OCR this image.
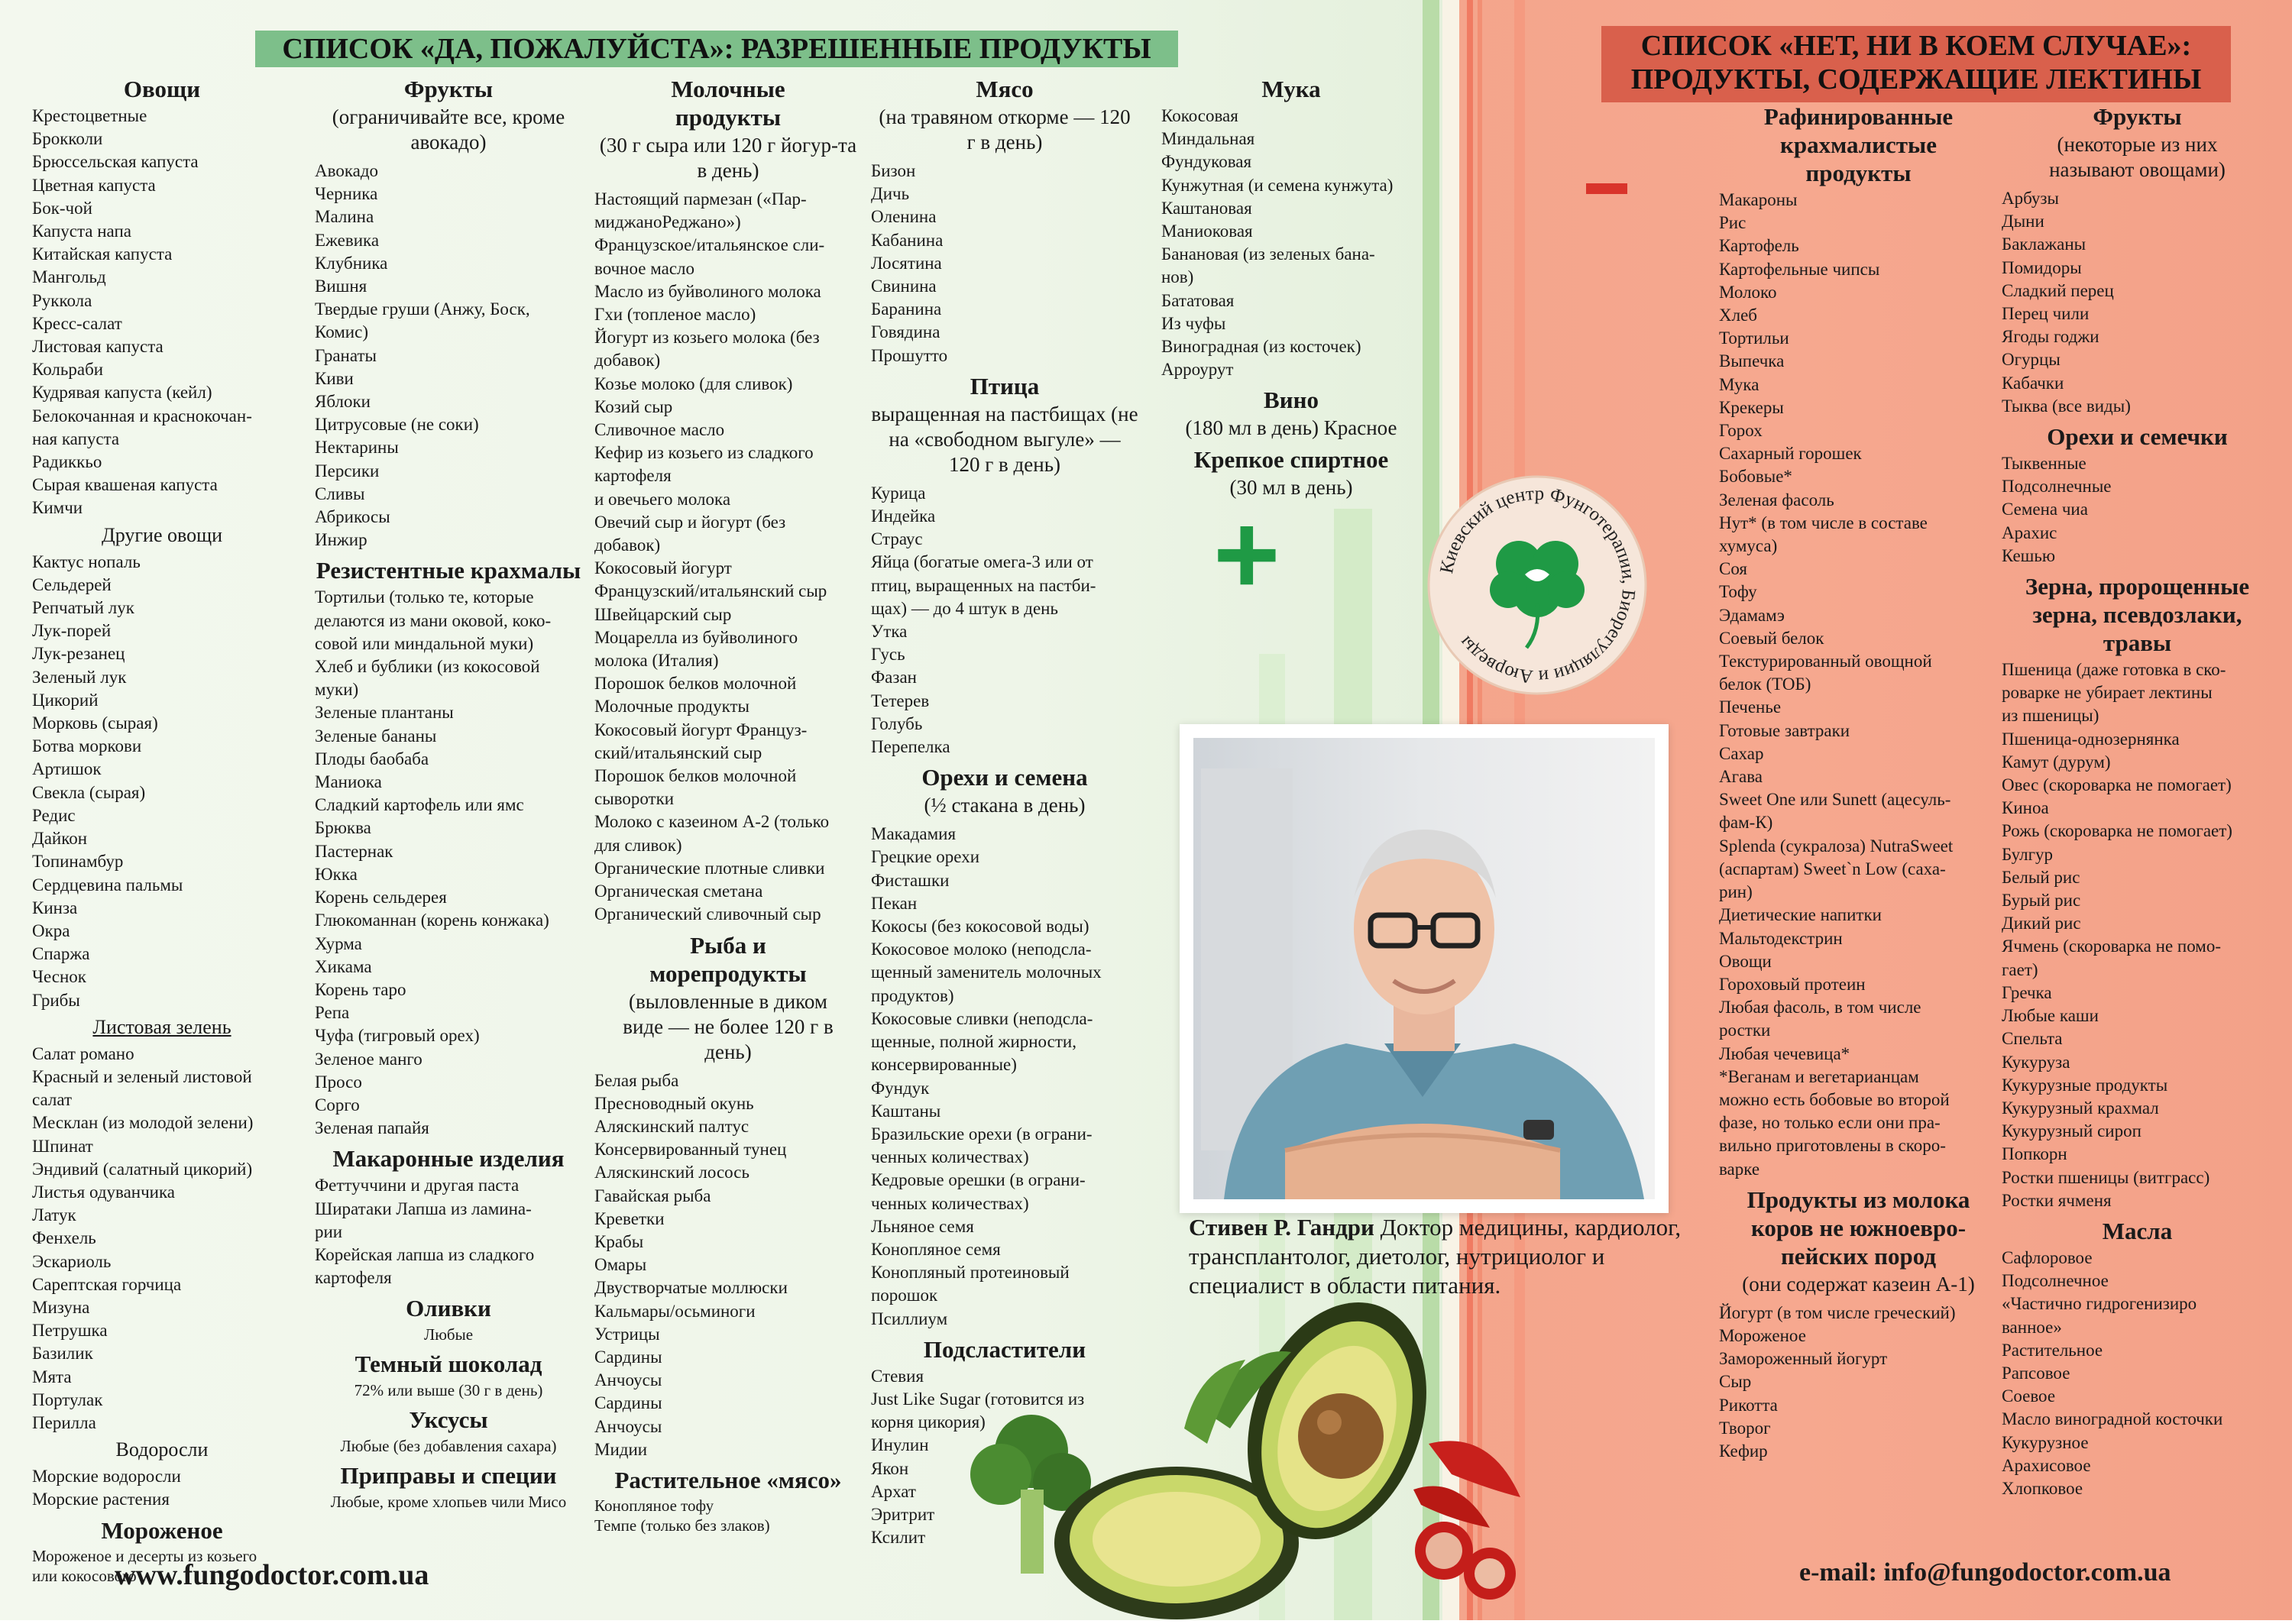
СПИСОК «ДА, ПОЖАЛУЙСТА»: РАЗРЕШЕННЫЕ ПРОДУКТЫ	СПИСОК «НЕТ, НИ В КОЕМ СЛУЧАЕ»:
ПРОДУКТЫ, СОДЕРЖАЩИЕ ЛЕКТИНЫ
Овощи
Крестоцветные
Брокколи
Брюссельская капуста
Цветная капуста
Бок-чой
Капуста напа
Китайская капуста
Мангольд
Руккола
Кресс-салат
Листовая капуста
Кольраби
Кудрявая капуста (кейл)
Белокочанная и краснокочан-
ная капуста
Радиккьо
Сырая квашеная капуста
Кимчи
Другие овощи
Кактус нопаль
Сельдерей
Репчатый лук
Лук-порей
Лук-резанец
Зеленый лук
Цикорий
Морковь (сырая)
Ботва моркови
Артишок
Свекла (сырая)
Редис
Дайкон
Топинамбур
Сердцевина пальмы
Кинза
Окра
Спаржа
Чеснок
Грибы
Листовая зелень
Салат романо
Красный и зеленый листовой
салат
Месклан (из молодой зелени)
Шпинат
Эндивий (салатный цикорий)
Листья одуванчика
Латук
Фенхель
Эскариоль
Сарептская горчица
Мизуна
Петрушка
Базилик
Мята
Портулак
Перилла
Водоросли
Морские водоросли
Морские растения
Мороженое
Мороженое и десерты из козьего
или кокосового
Фрукты
(ограничивайте все, кроме авокадо)
Авокадо
Черника
Малина
Ежевика
Клубника
Вишня
Твердые груши (Анжу, Боск,
Комис)
Гранаты
Киви
Яблоки
Цитрусовые (не соки)
Нектарины
Персики
Сливы
Абрикосы
Инжир
Резистентные крахмалы
Тортильи (только те, которые
делаются из мани оковой, коко-
совой или миндальной муки)
Хлеб и бублики (из кокосовой
муки)
Зеленые плантаны
Зеленые бананы
Плоды баобаба
Маниока
Сладкий картофель или ямс
Брюква
Пастернак
Юкка
Корень сельдерея
Глюкоманнан (корень конжака)
Хурма
Хикама
Корень таро
Репа
Чуфа (тигровый орех)
Зеленое манго
Просо
Сорго
Зеленая папайя
Макаронные изделия
Феттуччини и другая паста
Ширатаки Лапша из ламина-
рии
Корейская лапша из сладкого
картофеля
Оливки
Любые
Темный шоколад
72% или выше (30 г в день)
Уксусы
Любые (без добавления сахара)
Приправы и специи
Любые, кроме хлопьев чили Мисо
Молочные продукты
(30 г сыра или 120 г йогур-та в день)
Настоящий пармезан («Пар-
миджаноРеджано»)
Французское/итальянское сли-
вочное масло
Масло из буйволиного молока
Гхи (топленое масло)
Йогурт из козьего молока (без
добавок)
Козье молоко (для сливок)
Козий сыр
Сливочное масло
Кефир из козьего из сладкого
картофеля
и овечьего молока
Овечий сыр и йогурт (без
добавок)
Кокосовый йогурт
Французский/итальянский сыр
Швейцарский сыр
Моцарелла из буйволиного
молока (Италия)
Порошок белков молочной
Молочные продукты
Кокосовый йогурт Француз-
ский/итальянский сыр
Порошок белков молочной
сыворотки
Молоко с казеином А-2 (только
для сливок)
Органические плотные сливки
Органическая сметана
Органический сливочный сыр
Рыба и морепродукты
(выловленные в диком виде — не более 120 г в день)
Белая рыба
Пресноводный окунь
Аляскинский палтус
Консервированный тунец
Аляскинский лосось
Гавайская рыба
Креветки
Крабы
Омары
Двустворчатые моллюски
Кальмары/осьминоги
Устрицы
Сардины
Анчоусы
Сардины
Анчоусы
Мидии
Растительное «мясо»
Конопляное тофу
Темпе (только без злаков)
Мясо
(на травяном откорме — 120 г в день)
Бизон
Дичь
Оленина
Кабанина
Лосятина
Свинина
Баранина
Говядина
Прошутто
Птица
выращенная на пастбищах (не на «свободном выгуле» — 120 г в день)
Курица
Индейка
Страус
Яйца (богатые омега-3 или от
птиц, выращенных на пастби-
щах) — до 4 штук в день
Утка
Гусь
Фазан
Тетерев
Голубь
Перепелка
Орехи и семена
(½ стакана в день)
Макадамия
Грецкие орехи
Фисташки
Пекан
Кокосы (без кокосовой воды)
Кокосовое молоко (неподсла-
щенный заменитель молочных
продуктов)
Кокосовые сливки (неподсла-
щенные, полной жирности,
консервированные)
Фундук
Каштаны
Бразильские орехи (в ограни-
ченных количествах)
Кедровые орешки (в ограни-
ченных количествах)
Льняное семя
Конопляное семя
Конопляный протеиновый
порошок
Псиллиум
Подсластители
Стевия
Just Like Sugar (готовится из
корня цикория)
Инулин
Якон
Архат
Эритрит
Ксилит
Мука
Кокосовая
Миндальная
Фундуковая
Кунжутная (и семена кунжута)
Каштановая
Маниоковая
Банановая (из зеленых бана-
нов)
Бататовая
Из чуфы
Виноградная (из косточек)
Арроурут
Вино
(180 мл в день) Красное
Крепкое спиртное
(30 мл в день)
+	Киевский центр Фунготерапии, Биорегуляции и Аюрведы
Стивен Р. Гандри Доктор медицины, кардиолог, трансплантолог, диетолог, нутрициолог и специалист в области питания.
Рафинированные крахмалистые продукты
Макароны
Рис
Картофель
Картофельные чипсы
Молоко
Хлеб
Тортильи
Выпечка
Мука
Крекеры
Горох
Сахарный горошек
Бобовые*
Зеленая фасоль
Нут* (в том числе в составе
хумуса)
Соя
Тофу
Эдамамэ
Соевый белок
Текстурированный овощной
белок (ТОБ)
Печенье
Готовые завтраки
Сахар
Агава
Sweet One или Sunett (ацесуль-
фам-К)
Splenda (сукралоза) NutraSweet
(аспартам) Sweet`n Low (саха-
рин)
Диетические напитки
Мальтодекстрин
Овощи
Гороховый протеин
Любая фасоль, в том числе
ростки
Любая чечевица*
*Веганам и вегетарианцам
можно есть бобовые во второй
фазе, но только если они пра-
вильно приготовлены в скоро-
варке
Продукты из молока коров не южноевро-пейских пород
(они содержат казеин А-1)
Йогурт (в том числе греческий)
Мороженое
Замороженный йогурт
Сыр
Рикотта
Творог
Кефир
Фрукты
(некоторые из них называют овощами)
Арбузы
Дыни
Баклажаны
Помидоры
Сладкий перец
Перец чили
Ягоды годжи
Огурцы
Кабачки
Тыква (все виды)
Орехи и семечки
Тыквенные
Подсолнечные
Семена чиа
Арахис
Кешью
Зерна, пророщенные зерна, псевдозлаки, травы
Пшеница (даже готовка в ско-
роварке не убирает лектины
из пшеницы)
Пшеница-однозернянка
Камут (дурум)
Овес (скороварка не помогает)
Киноа
Рожь (скороварка не помогает)
Булгур
Белый рис
Бурый рис
Дикий рис
Ячмень (скороварка не помо-
гает)
Гречка
Любые каши
Спельта
Кукуруза
Кукурузные продукты
Кукурузный крахмал
Кукурузный сироп
Попкорн
Ростки пшеницы (витграсс)
Ростки ячменя
Масла
Сафлоровое
Подсолнечное
«Частично гидрогенизиро
ванное»
Растительное
Рапсовое
Соевое
Масло виноградной косточки
Кукурузное
Арахисовое
Хлопковое
www.fungodoctor.com.ua	e-mail: info@fungodoctor.com.ua
